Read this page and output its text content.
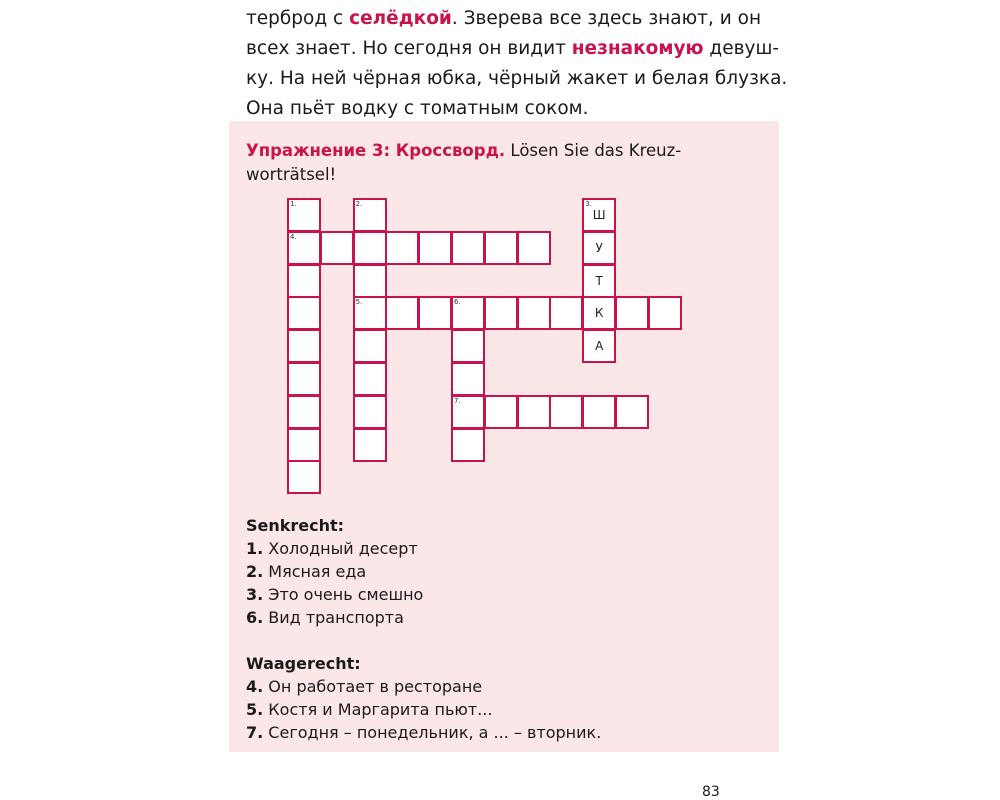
терброд с селёдкой. Зверева все здесь знают, и он

всех знает. Но сегодня он видит незнакомую девуш-

ку. На ней чёрная юбка, чёрный жакет и белая блузка.

Она пьёт водку с томатным соком.

Упражнение 3: Кроссворд. Lösen Sie das Kreuz-

worträtsel!

1.
4.
2.
5.
3.
Ш
У
Т
К
А
6.
7.

Senkrecht:

1. Холодный десерт

2. Мясная еда

3. Это очень смешно

6. Вид транспорта

Waagerecht:

4. Он работает в ресторане

5. Костя и Маргарита пьют...

7. Сегодня – понедельник, а ... – вторник.

83
